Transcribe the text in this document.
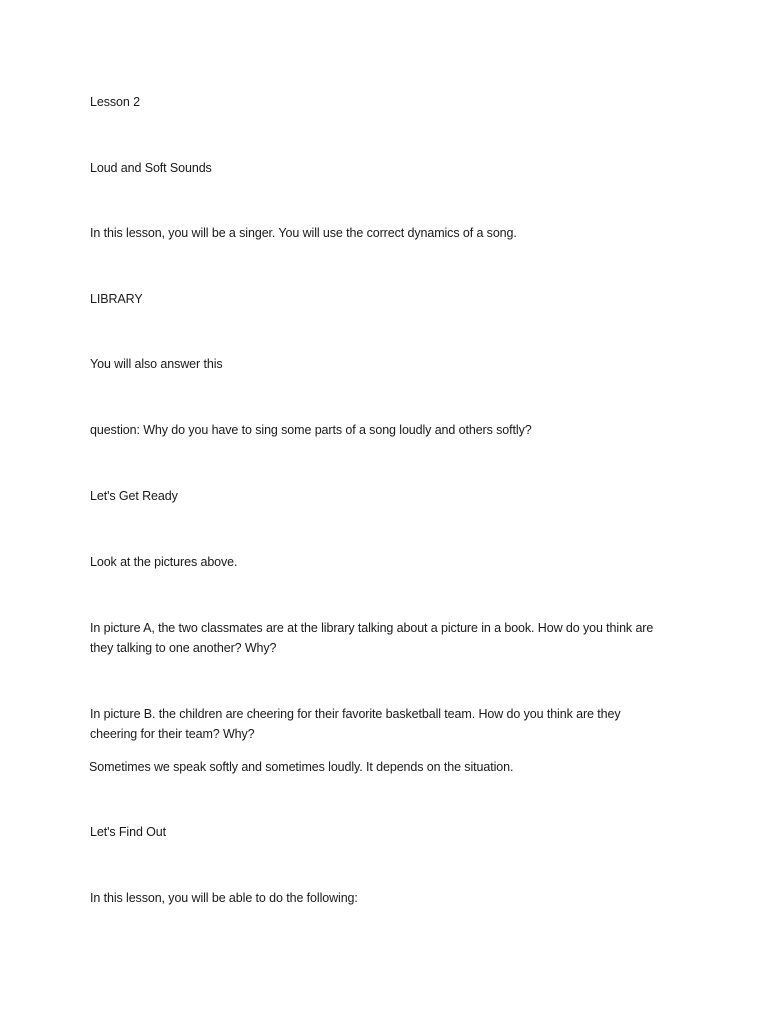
Lesson 2
Loud and Soft Sounds
In this lesson, you will be a singer. You will use the correct dynamics of a song.
LIBRARY
You will also answer this
question: Why do you have to sing some parts of a song loudly and others softly?
Let's Get Ready
Look at the pictures above.
In picture A, the two classmates are at the library talking about a picture in a book. How do you think are
they talking to one another? Why?
In picture B. the children are cheering for their favorite basketball team. How do you think are they
cheering for their team? Why?
Sometimes we speak softly and sometimes loudly. It depends on the situation.
Let's Find Out
In this lesson, you will be able to do the following:
